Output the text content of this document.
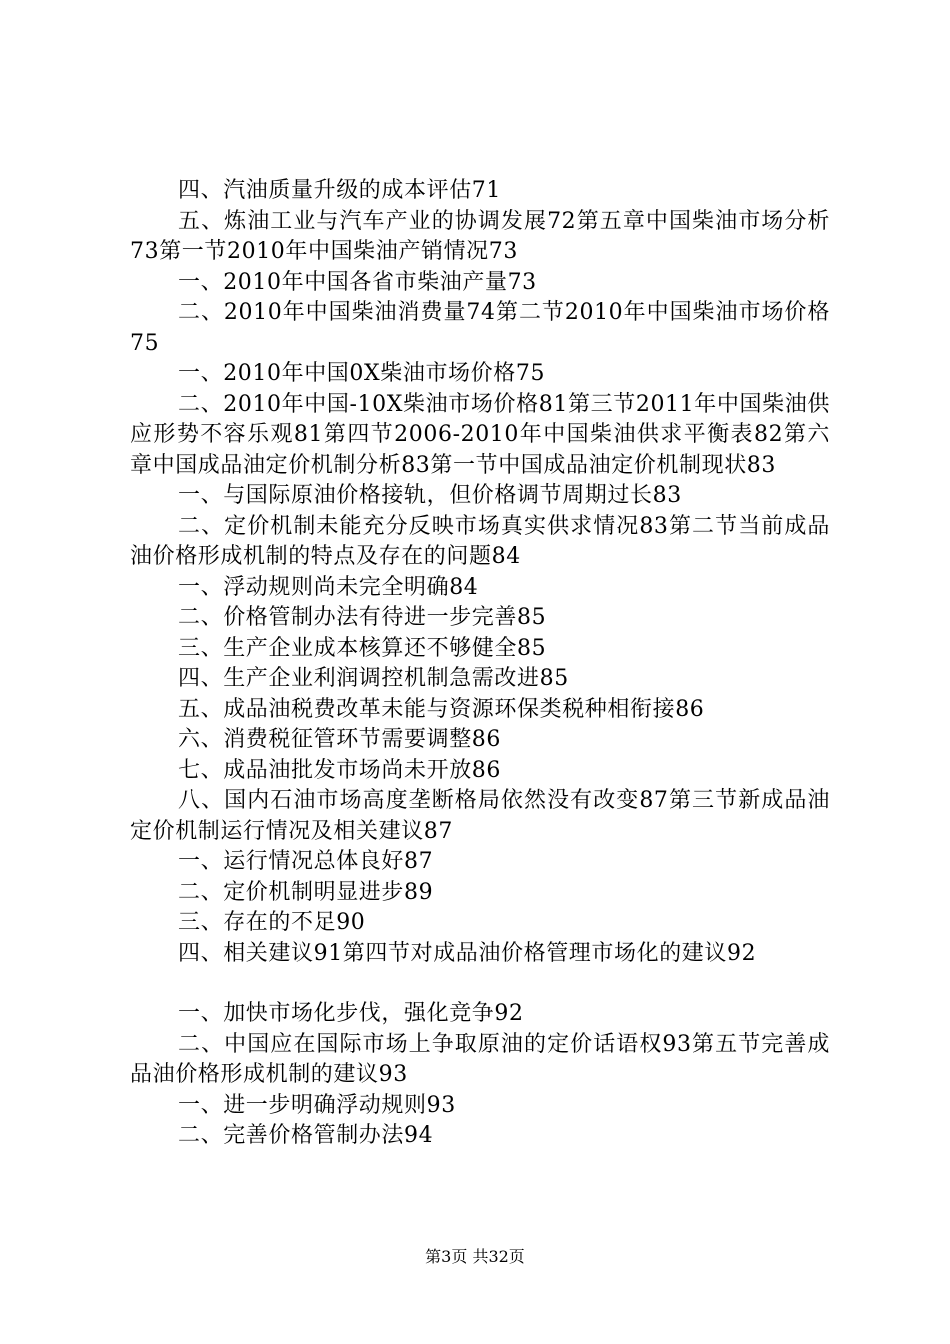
四、汽油质量升级的成本评估71

五、炼油工业与汽车产业的协调发展72第五章中国柴油市场分析73第一节2010年中国柴油产销情况73

一、2010年中国各省市柴油产量73

二、2010年中国柴油消费量74第二节2010年中国柴油市场价格75

一、2010年中国0X柴油市场价格75

二、2010年中国-10X柴油市场价格81第三节2011年中国柴油供应形势不容乐观81第四节2006-2010年中国柴油供求平衡表82第六章中国成品油定价机制分析83第一节中国成品油定价机制现状83

一、与国际原油价格接轨，但价格调节周期过长83

二、定价机制未能充分反映市场真实供求情况83第二节当前成品油价格形成机制的特点及存在的问题84

一、浮动规则尚未完全明确84

二、价格管制办法有待进一步完善85

三、生产企业成本核算还不够健全85

四、生产企业利润调控机制急需改进85

五、成品油税费改革未能与资源环保类税种相衔接86

六、消费税征管环节需要调整86

七、成品油批发市场尚未开放86

八、国内石油市场高度垄断格局依然没有改变87第三节新成品油定价机制运行情况及相关建议87

一、运行情况总体良好87

二、定价机制明显进步89

三、存在的不足90

四、相关建议91第四节对成品油价格管理市场化的建议92

一、加快市场化步伐，强化竞争92

二、中国应在国际市场上争取原油的定价话语权93第五节完善成品油价格形成机制的建议93

一、进一步明确浮动规则93

二、完善价格管制办法94

第3页 共32页
